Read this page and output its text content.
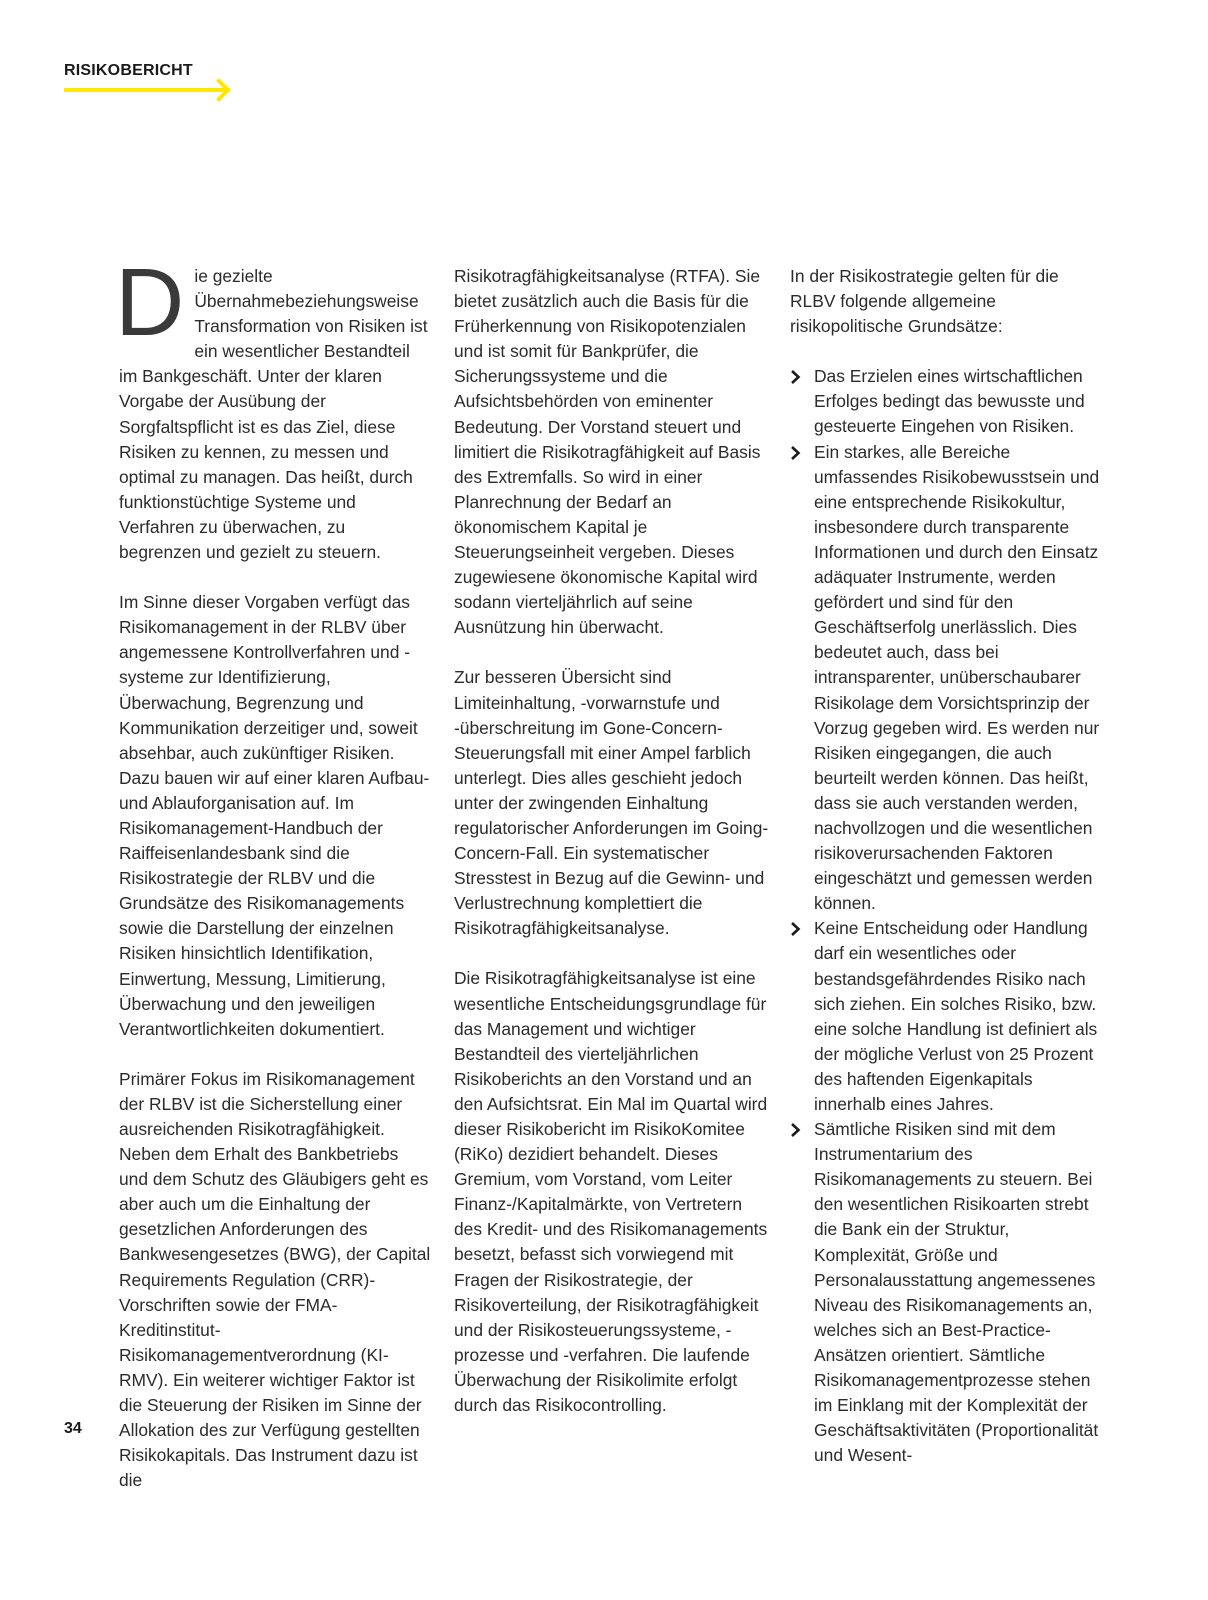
RISIKOBERICHT

Die gezielte Übernahmebeziehungsweise Transformation von Risiken ist ein wesentlicher Bestandteil im Bankgeschäft. Unter der klaren Vorgabe der Ausübung der Sorgfaltspflicht ist es das Ziel, diese Risiken zu kennen, zu messen und optimal zu managen. Das heißt, durch funktionstüchtige Systeme und Verfahren zu überwachen, zu begrenzen und gezielt zu steuern.

Im Sinne dieser Vorgaben verfügt das Risikomanagement in der RLBV über angemessene Kontrollverfahren und -systeme zur Identifizierung, Überwachung, Begrenzung und Kommunikation derzeitiger und, soweit absehbar, auch zukünftiger Risiken. Dazu bauen wir auf einer klaren Aufbau- und Ablauforganisation auf. Im Risikomanagement-Handbuch der Raiffeisenlandesbank sind die Risikostrategie der RLBV und die Grundsätze des Risikomanagements sowie die Darstellung der einzelnen Risiken hinsichtlich Identifikation, Einwertung, Messung, Limitierung, Überwachung und den jeweiligen Verantwortlichkeiten dokumentiert.

Primärer Fokus im Risikomanagement der RLBV ist die Sicherstellung einer ausreichenden Risikotragfähigkeit. Neben dem Erhalt des Bankbetriebs und dem Schutz des Gläubigers geht es aber auch um die Einhaltung der gesetzlichen Anforderungen des Bankwesengesetzes (BWG), der Capital Requirements Regulation (CRR)-Vorschriften sowie der FMA-Kreditinstitut-Risikomanagementverordnung (KI-RMV). Ein weiterer wichtiger Faktor ist die Steuerung der Risiken im Sinne der Allokation des zur Verfügung gestellten Risikokapitals. Das Instrument dazu ist die

Risikotragfähigkeitsanalyse (RTFA). Sie bietet zusätzlich auch die Basis für die Früherkennung von Risikopotenzialen und ist somit für Bankprüfer, die Sicherungssysteme und die Aufsichtsbehörden von eminenter Bedeutung. Der Vorstand steuert und limitiert die Risikotragfähigkeit auf Basis des Extremfalls. So wird in einer Planrechnung der Bedarf an ökonomischem Kapital je Steuerungseinheit vergeben. Dieses zugewiesene ökonomische Kapital wird sodann vierteljährlich auf seine Ausnützung hin überwacht.

Zur besseren Übersicht sind Limiteinhaltung, -vorwarnstufe und -überschreitung im Gone-Concern-Steuerungsfall mit einer Ampel farblich unterlegt. Dies alles geschieht jedoch unter der zwingenden Einhaltung regulatorischer Anforderungen im Going-Concern-Fall. Ein systematischer Stresstest in Bezug auf die Gewinn- und Verlustrechnung komplettiert die Risikotragfähigkeitsanalyse.

Die Risikotragfähigkeitsanalyse ist eine wesentliche Entscheidungsgrundlage für das Management und wichtiger Bestandteil des vierteljährlichen Risikoberichts an den Vorstand und an den Aufsichtsrat. Ein Mal im Quartal wird dieser Risikobericht im RisikoKomitee (RiKo) dezidiert behandelt. Dieses Gremium, vom Vorstand, vom Leiter Finanz-/Kapitalmärkte, von Vertretern des Kredit- und des Risikomanagements besetzt, befasst sich vorwiegend mit Fragen der Risikostrategie, der Risikoverteilung, der Risikotragfähigkeit und der Risikosteuerungssysteme, -prozesse und -verfahren. Die laufende Überwachung der Risikolimite erfolgt durch das Risikocontrolling.

In der Risikostrategie gelten für die RLBV folgende allgemeine risikopolitische Grundsätze:

Das Erzielen eines wirtschaftlichen Erfolges bedingt das bewusste und gesteuerte Eingehen von Risiken.
Ein starkes, alle Bereiche umfassendes Risikobewusstsein und eine entsprechende Risikokultur, insbesondere durch transparente Informationen und durch den Einsatz adäquater Instrumente, werden gefördert und sind für den Geschäftserfolg unerlässlich. Dies bedeutet auch, dass bei intransparenter, unüberschaubarer Risikolage dem Vorsichtsprinzip der Vorzug gegeben wird. Es werden nur Risiken eingegangen, die auch beurteilt werden können. Das heißt, dass sie auch verstanden werden, nachvollzogen und die wesentlichen risikoverursachenden Faktoren eingeschätzt und gemessen werden können.
Keine Entscheidung oder Handlung darf ein wesentliches oder bestandsgefährdendes Risiko nach sich ziehen. Ein solches Risiko, bzw. eine solche Handlung ist definiert als der mögliche Verlust von 25 Prozent des haftenden Eigenkapitals innerhalb eines Jahres.
Sämtliche Risiken sind mit dem Instrumentarium des Risikomanagements zu steuern. Bei den wesentlichen Risikoarten strebt die Bank ein der Struktur, Komplexität, Größe und Personalausstattung angemessenes Niveau des Risikomanagements an, welches sich an Best-Practice-Ansätzen orientiert. Sämtliche Risikomanagementprozesse stehen im Einklang mit der Komplexität der Geschäftsaktivitäten (Proportionalität und Wesent-
34
